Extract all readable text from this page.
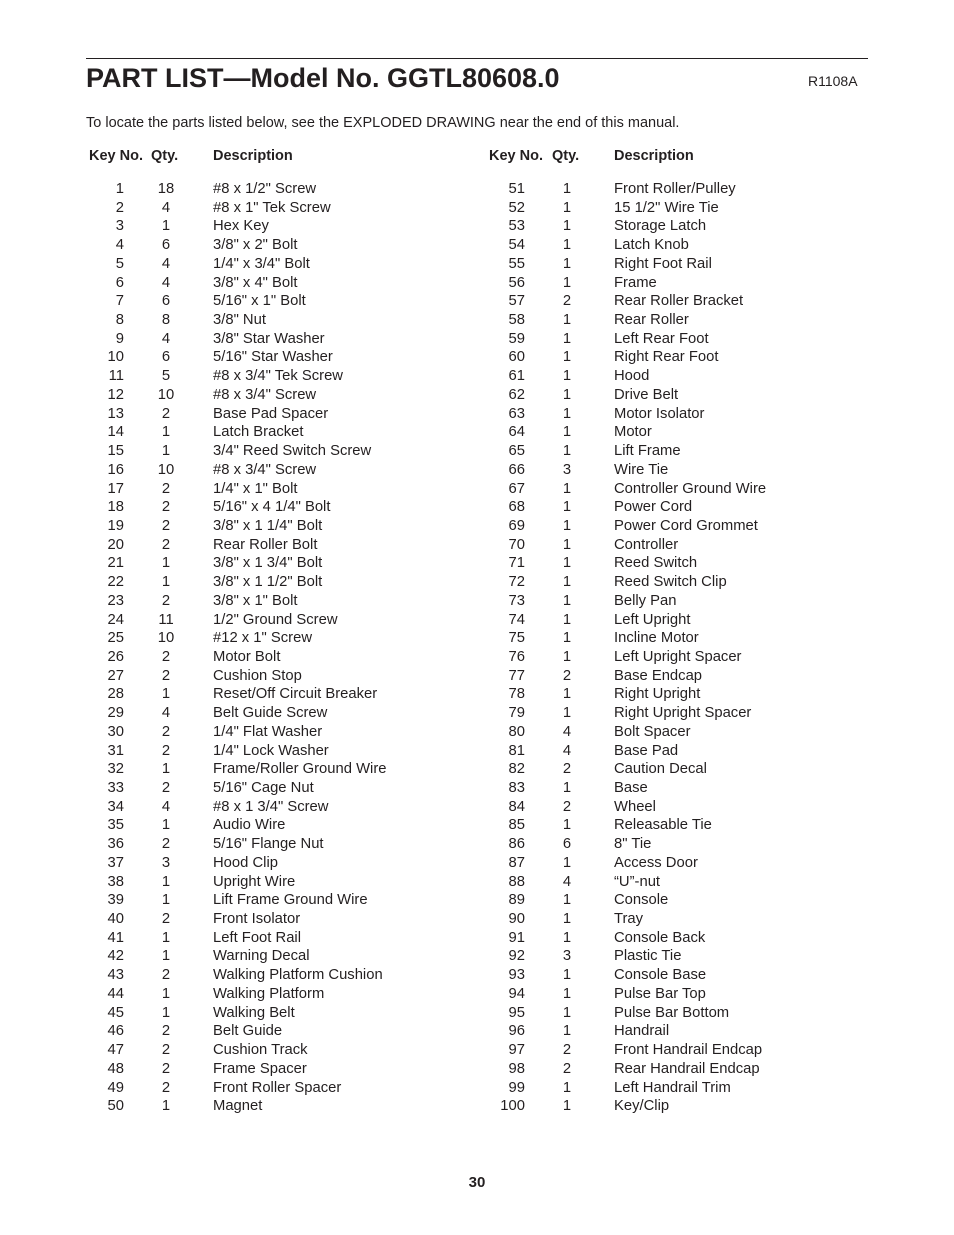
PART LIST—Model No. GGTL80608.0	R1108A
To locate the parts listed below, see the EXPLODED DRAWING near the end of this manual.
Key No. Qty. Description	Key No. Qty. Description
1	18	#8 x 1/2" Screw
2	4	#8 x 1" Tek Screw
3	1	Hex Key
4	6	3/8" x 2" Bolt
5	4	1/4" x 3/4" Bolt
6	4	3/8" x 4" Bolt
7	6	5/16" x 1" Bolt
8	8	3/8" Nut
9	4	3/8" Star Washer
10	6	5/16" Star Washer
11	5	#8 x 3/4" Tek Screw
12	10	#8 x 3/4" Screw
13	2	Base Pad Spacer
14	1	Latch Bracket
15	1	3/4" Reed Switch Screw
16	10	#8 x 3/4" Screw
17	2	1/4" x 1" Bolt
18	2	5/16" x 4 1/4" Bolt
19	2	3/8" x 1 1/4" Bolt
20	2	Rear Roller Bolt
21	1	3/8" x 1 3/4" Bolt
22	1	3/8" x 1 1/2" Bolt
23	2	3/8" x 1" Bolt
24	11	1/2" Ground Screw
25	10	#12 x 1" Screw
26	2	Motor Bolt
27	2	Cushion Stop
28	1	Reset/Off Circuit Breaker
29	4	Belt Guide Screw
30	2	1/4" Flat Washer
31	2	1/4" Lock Washer
32	1	Frame/Roller Ground Wire
33	2	5/16" Cage Nut
34	4	#8 x 1 3/4" Screw
35	1	Audio Wire
36	2	5/16" Flange Nut
37	3	Hood Clip
38	1	Upright Wire
39	1	Lift Frame Ground Wire
40	2	Front Isolator
41	1	Left Foot Rail
42	1	Warning Decal
43	2	Walking Platform Cushion
44	1	Walking Platform
45	1	Walking Belt
46	2	Belt Guide
47	2	Cushion Track
48	2	Frame Spacer
49	2	Front Roller Spacer
50	1	Magnet
51	1	Front Roller/Pulley
52	1	15 1/2" Wire Tie
53	1	Storage Latch
54	1	Latch Knob
55	1	Right Foot Rail
56	1	Frame
57	2	Rear Roller Bracket
58	1	Rear Roller
59	1	Left Rear Foot
60	1	Right Rear Foot
61	1	Hood
62	1	Drive Belt
63	1	Motor Isolator
64	1	Motor
65	1	Lift Frame
66	3	Wire Tie
67	1	Controller Ground Wire
68	1	Power Cord
69	1	Power Cord Grommet
70	1	Controller
71	1	Reed Switch
72	1	Reed Switch Clip
73	1	Belly Pan
74	1	Left Upright
75	1	Incline Motor
76	1	Left Upright Spacer
77	2	Base Endcap
78	1	Right Upright
79	1	Right Upright Spacer
80	4	Bolt Spacer
81	4	Base Pad
82	2	Caution Decal
83	1	Base
84	2	Wheel
85	1	Releasable Tie
86	6	8" Tie
87	1	Access Door
88	4	“U”-nut
89	1	Console
90	1	Tray
91	1	Console Back
92	3	Plastic Tie
93	1	Console Base
94	1	Pulse Bar Top
95	1	Pulse Bar Bottom
96	1	Handrail
97	2	Front Handrail Endcap
98	2	Rear Handrail Endcap
99	1	Left Handrail Trim
100	1	Key/Clip
30
